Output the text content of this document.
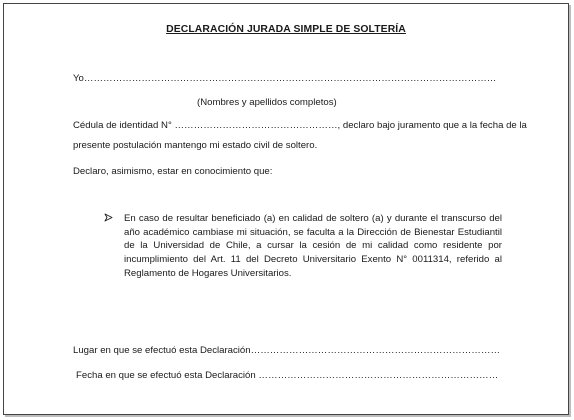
DECLARACIÓN JURADA SIMPLE DE SOLTERÍA
Yo…………………………………………………………………………………………………………………
(Nombres y apellidos completos)
Cédula de identidad N° ……………………………………………, declaro bajo juramento que a la fecha de la
presente postulación mantengo mi estado civil de soltero.
Declaro, asimismo, estar en conocimiento que:
En caso de resultar beneficiado (a) en calidad de soltero (a) y durante el transcurso del
año académico cambiase mi situación, se faculta a la Dirección de Bienestar Estudiantil
de la Universidad de Chile, a cursar la cesión de mi calidad como residente por
incumplimiento del Art. 11 del Decreto Universitario Exento N° 0011314, referido al
Reglamento de Hogares Universitarios.
Lugar en que se efectuó esta Declaración……………………………………………………………………
Fecha en que se efectuó esta Declaración …………………………………………………………………
